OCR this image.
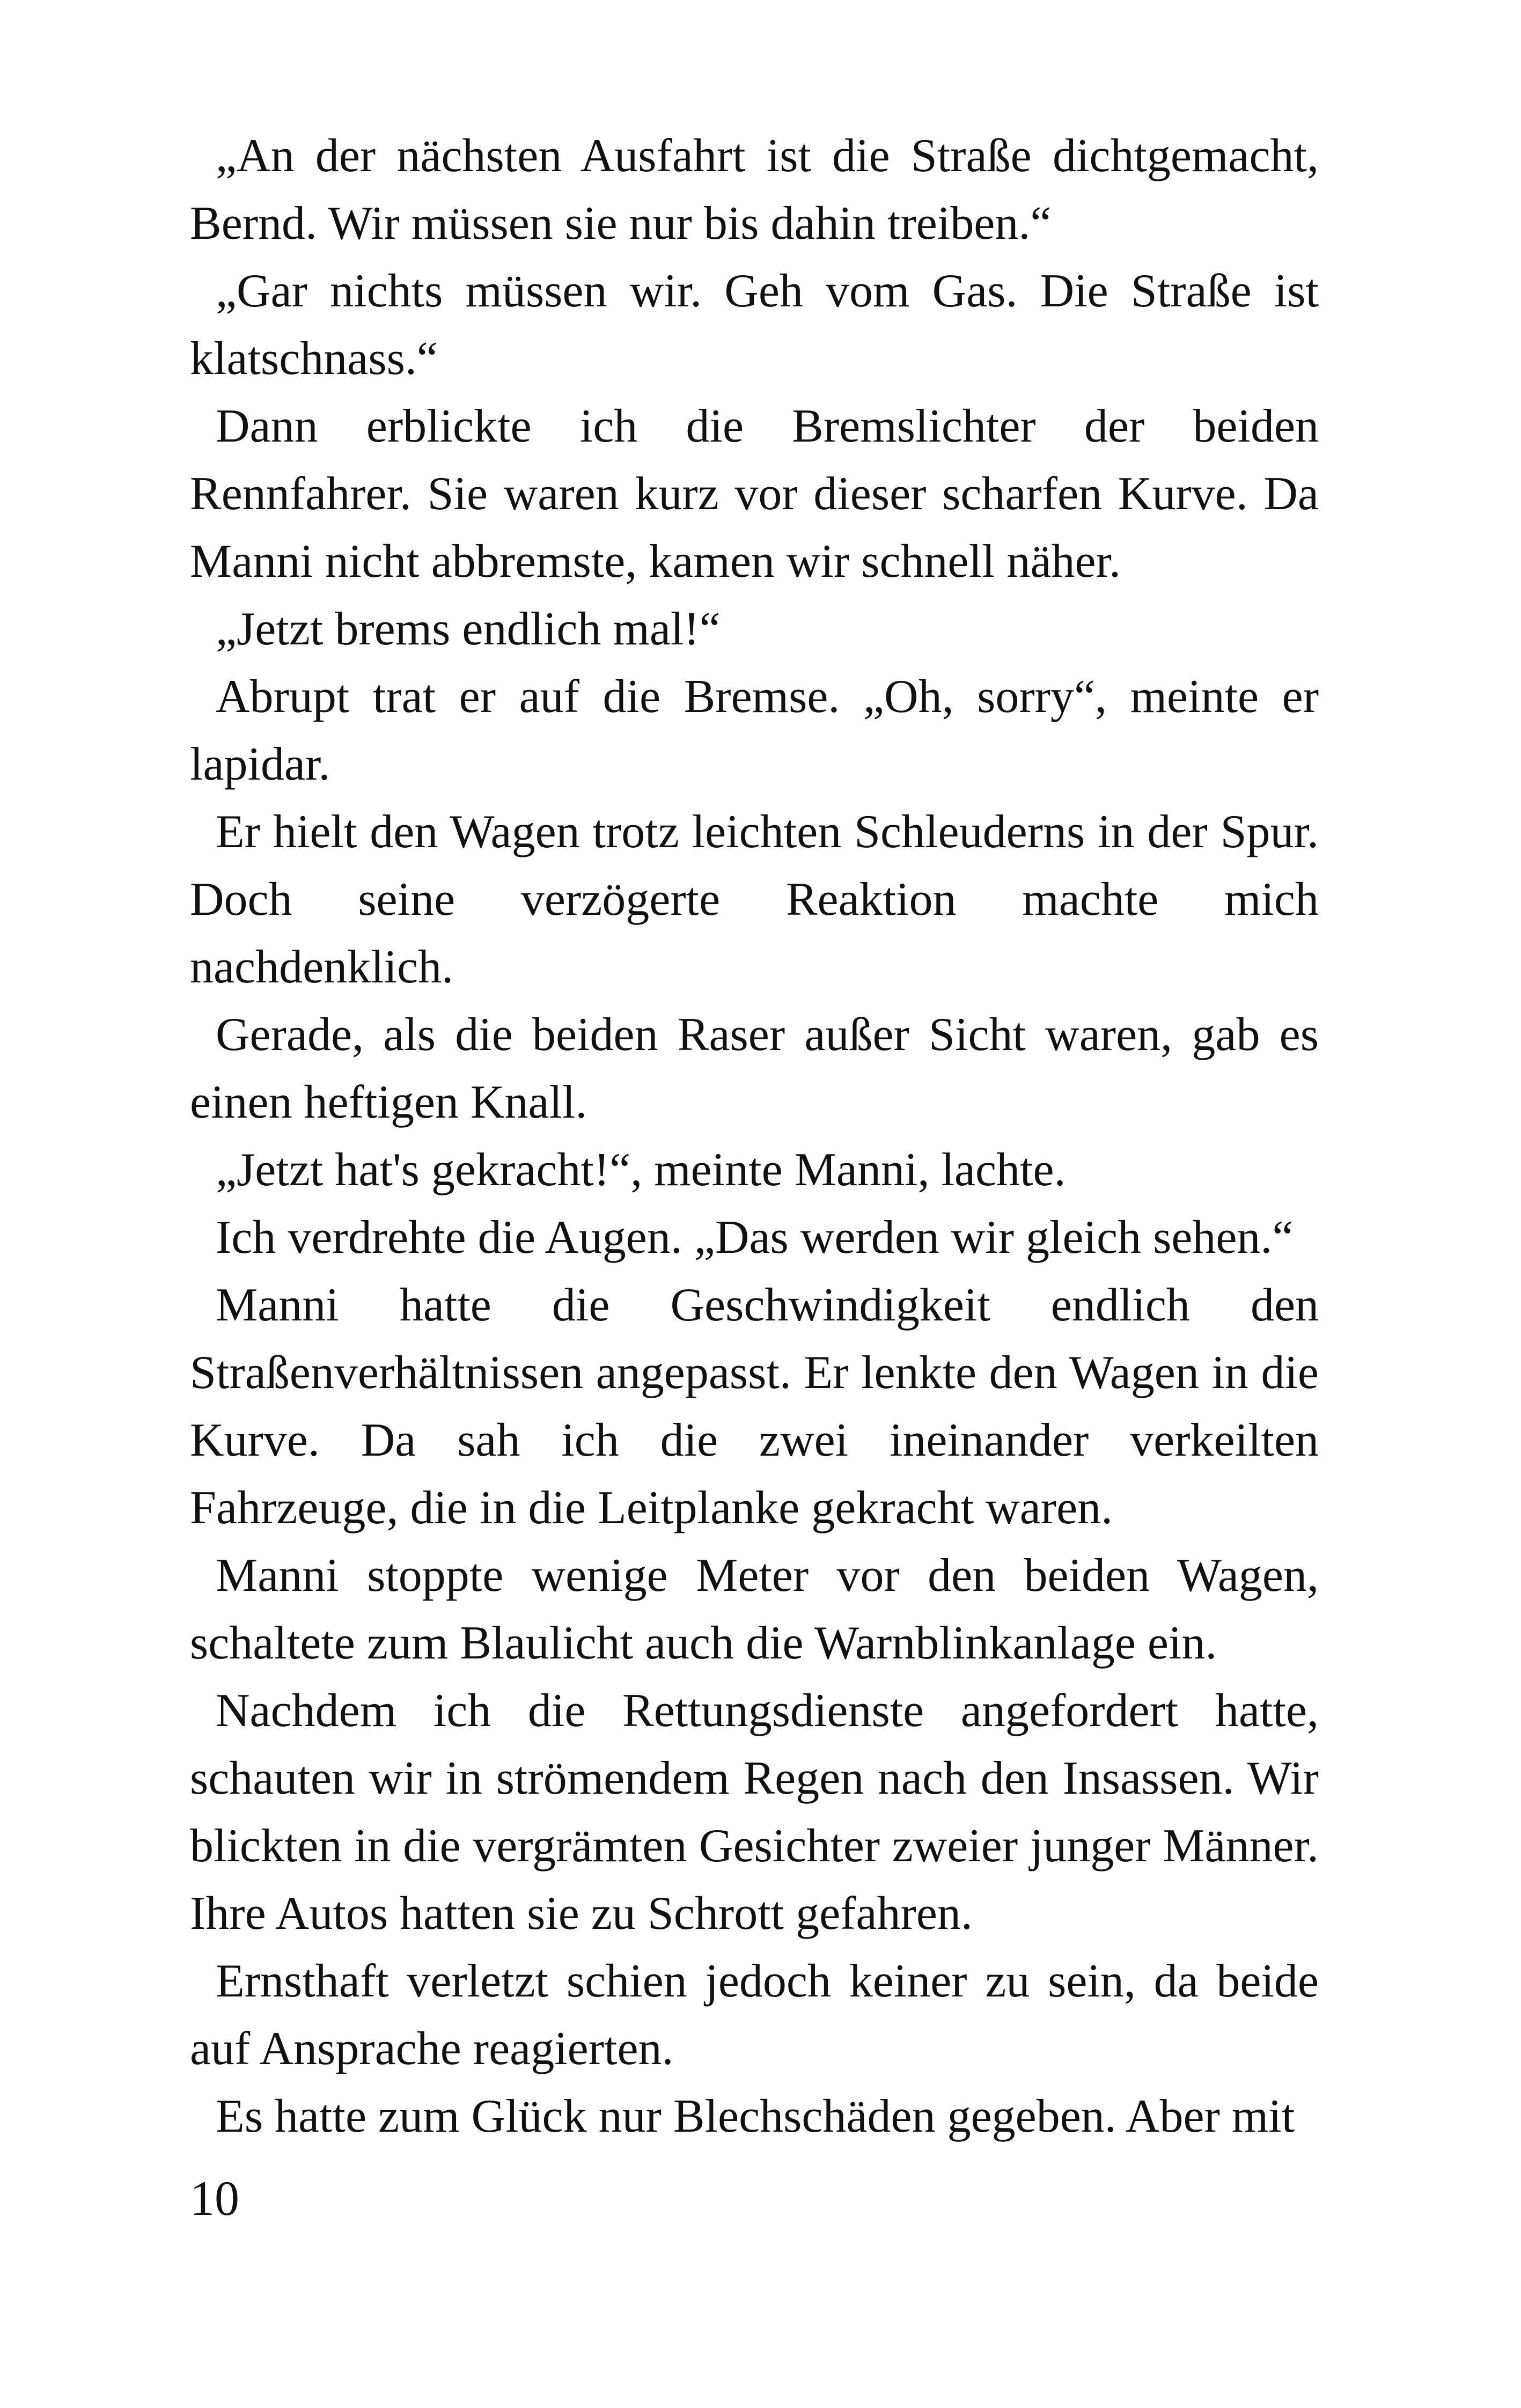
„An der nächsten Ausfahrt ist die Straße dichtgemacht, Bernd. Wir müssen sie nur bis dahin treiben.“

„Gar nichts müssen wir. Geh vom Gas. Die Straße ist klatschnass.“

Dann erblickte ich die Bremslichter der beiden Rennfahrer. Sie waren kurz vor dieser scharfen Kurve. Da Manni nicht abbremste, kamen wir schnell näher.

„Jetzt brems endlich mal!“

Abrupt trat er auf die Bremse. „Oh, sorry“, meinte er lapidar.

Er hielt den Wagen trotz leichten Schleuderns in der Spur. Doch seine verzögerte Reaktion machte mich nachdenklich.

Gerade, als die beiden Raser außer Sicht waren, gab es einen heftigen Knall.

„Jetzt hat's gekracht!“, meinte Manni, lachte.

Ich verdrehte die Augen. „Das werden wir gleich sehen.“

Manni hatte die Geschwindigkeit endlich den Straßenverhältnissen angepasst. Er lenkte den Wagen in die Kurve. Da sah ich die zwei ineinander verkeilten Fahrzeuge, die in die Leitplanke gekracht waren.

Manni stoppte wenige Meter vor den beiden Wagen, schaltete zum Blaulicht auch die Warnblinkanlage ein.

Nachdem ich die Rettungsdienste angefordert hatte, schauten wir in strömendem Regen nach den Insassen. Wir blickten in die vergrämten Gesichter zweier junger Männer. Ihre Autos hatten sie zu Schrott gefahren.

Ernsthaft verletzt schien jedoch keiner zu sein, da beide auf Ansprache reagierten.

Es hatte zum Glück nur Blechschäden gegeben. Aber mit

10
